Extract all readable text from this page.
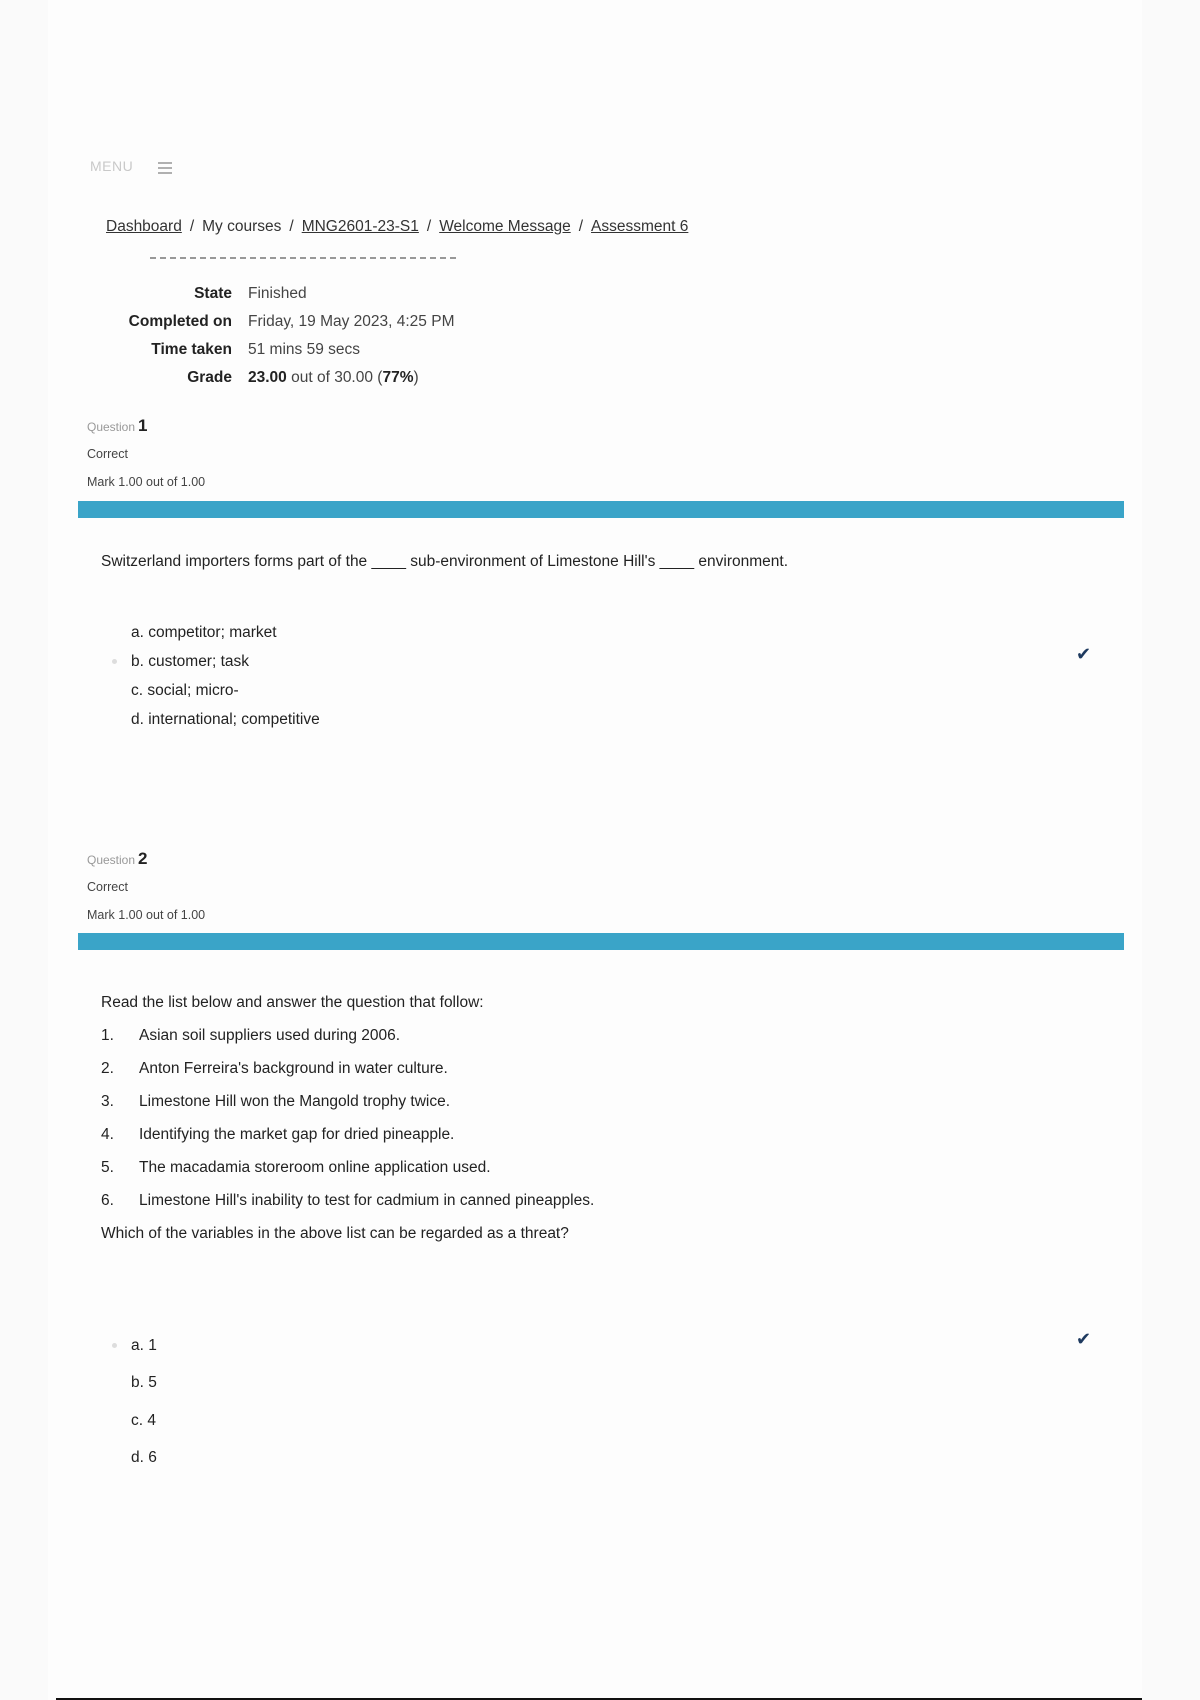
MENU
Dashboard / My courses / MNG2601-23-S1 / Welcome Message / Assessment 6
State	Finished
Completed on	Friday, 19 May 2023, 4:25 PM
Time taken	51 mins 59 secs
Grade	23.00 out of 30.00 (77%)
Question 1
Correct
Mark 1.00 out of 1.00
Switzerland importers forms part of the ____ sub-environment of Limestone Hill's ____ environment.
a. competitor; market
b. customer; task
c. social; micro-
d. international; competitive
✔
Question 2
Correct
Mark 1.00 out of 1.00
Read the list below and answer the question that follow:
1.	Asian soil suppliers used during 2006.
2.	Anton Ferreira's background in water culture.
3.	Limestone Hill won the Mangold trophy twice.
4.	Identifying the market gap for dried pineapple.
5.	The macadamia storeroom online application used.
6.	Limestone Hill's inability to test for cadmium in canned pineapples.
Which of the variables in the above list can be regarded as a threat?
a. 1
b. 5
c. 4
d. 6
✔
